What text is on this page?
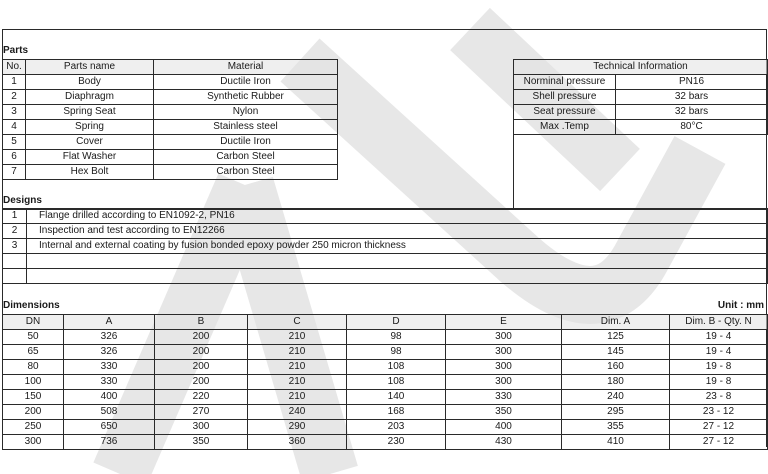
Parts
No.	Parts name	Material
1	Body	Ductile Iron
2	Diaphragm	Synthetic Rubber
3	Spring Seat	Nylon
4	Spring	Stainless steel
5	Cover	Ductile Iron
6	Flat Washer	Carbon Steel
7	Hex Bolt	Carbon Steel
Technical Information	
Norminal pressure	PN16
Shell pressure	32 bars
Seat pressure	32 bars
Max .Temp	80°C
Designs
1	Flange drilled according to EN1092-2, PN16
2	Inspection and test according to EN12266
3	Internal and external coating by fusion bonded epoxy powder 250 micron thickness

Dimensions	Unit : mm
DN	A	B	C	D	E	Dim. A	Dim. B - Qty. N
50	326	200	210	98	300	125	19 - 4
65	326	200	210	98	300	145	19 - 4
80	330	200	210	108	300	160	19 - 8
100	330	200	210	108	300	180	19 - 8
150	400	220	210	140	330	240	23 - 8
200	508	270	240	168	350	295	23 - 12
250	650	300	290	203	400	355	27 - 12
300	736	350	360	230	430	410	27 - 12
